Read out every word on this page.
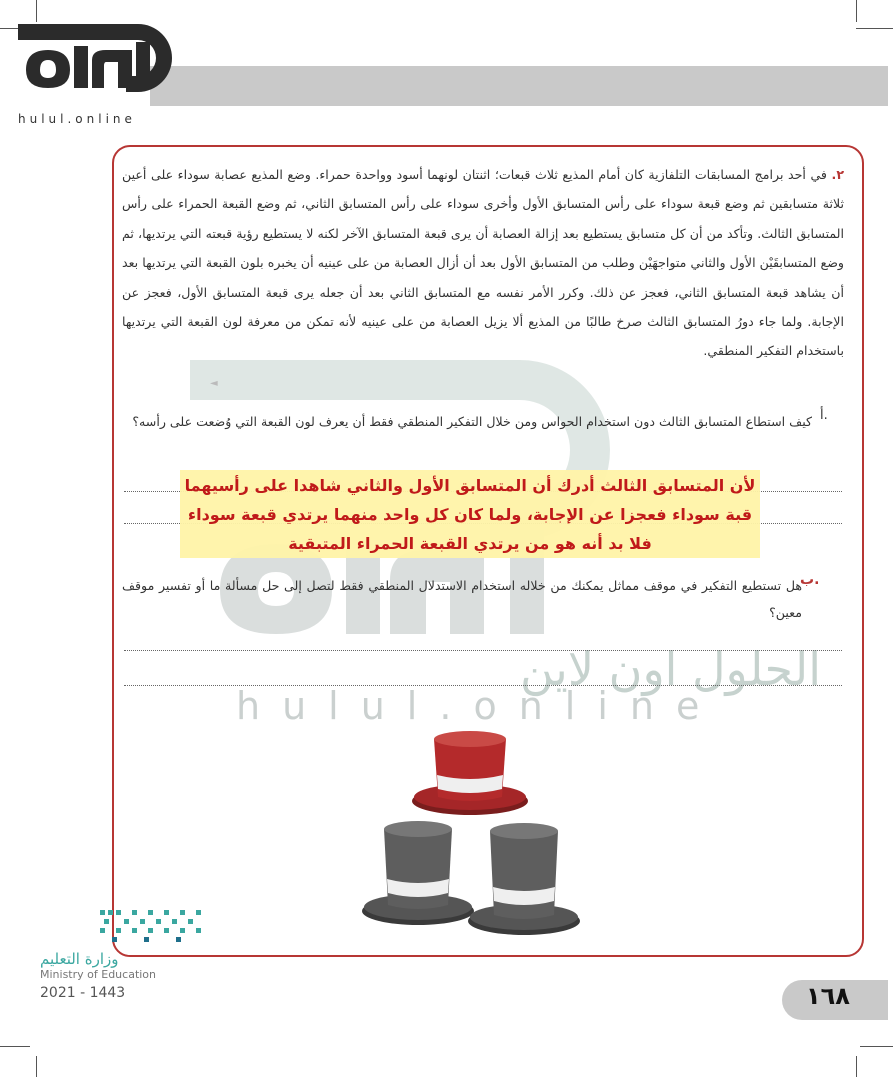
hulul.online
الحلول اون لاين
hulul.online
٢. في أحد برامج المسابقات التلفازية كان أمام المذيع ثلاث قبعات؛ اثنتان لونهما أسود وواحدة حمراء. وضع المذيع عصابة سوداء على أعين ثلاثة متسابقين ثم وضع قبعة سوداء على رأس المتسابق الأول وأخرى سوداء على رأس المتسابق الثاني، ثم وضع القبعة الحمراء على رأس المتسابق الثالث. وتأكد من أن كل متسابق يستطيع بعد إزالة العصابة أن يرى قبعة المتسابق الآخر لكنه لا يستطيع رؤية قبعته التي يرتديها، ثم وضع المتسابقَيْن الأول والثاني متواجهَيْن وطلب من المتسابق الأول بعد أن أزال العصابة من على عينيه أن يخبره بلون القبعة التي يرتديها بعد أن يشاهد قبعة المتسابق الثاني، فعجز عن ذلك. وكرر الأمر نفسه مع المتسابق الثاني بعد أن جعله يرى قبعة المتسابق الأول، فعجز عن الإجابة. ولما جاء دورُ المتسابق الثالث صرخ طالبًا من المذيع ألا يزيل العصابة من على عينيه لأنه تمكن من معرفة لون القبعة التي يرتديها باستخدام التفكير المنطقي.
◄
أ.
كيف استطاع المتسابق الثالث دون استخدام الحواس ومن خلال التفكير المنطقي فقط أن يعرف لون القبعة التي وُضعت على رأسه؟
لأن المتسابق الثالث أدرك أن المتسابق الأول والثاني شاهدا على رأسيهما قبة سوداء فعجزا عن الإجابة، ولما كان كل واحد منهما يرتدي قبعة سوداء فلا بد أنه هو من يرتدي القبعة الحمراء المتبقية
ب.
هل تستطيع التفكير في موقف مماثل يمكنك من خلاله استخدام الاستدلال المنطقي فقط لتصل إلى حل مسألة ما أو تفسير موقف معين؟
وزارة التعليم
Ministry of Education
2021 - 1443	١٦٨
